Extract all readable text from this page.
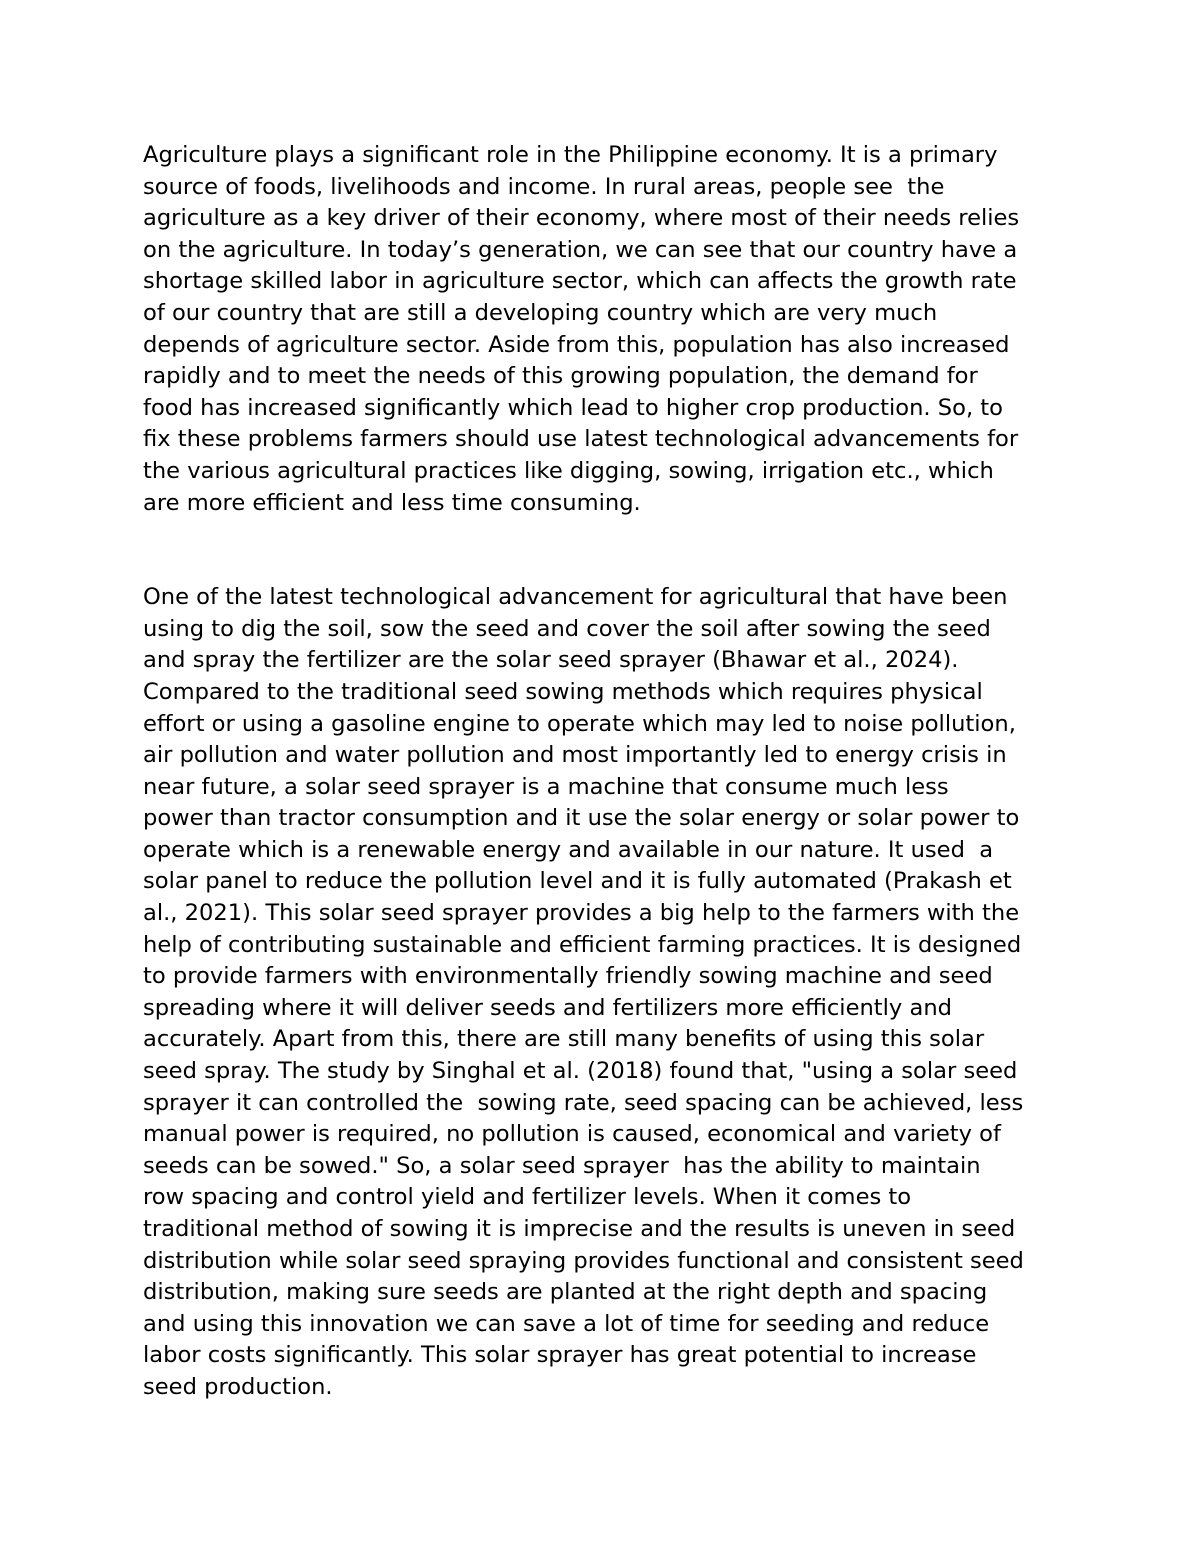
Agriculture plays a significant role in the Philippine economy. It is a primary
source of foods, livelihoods and income. In rural areas, people see  the
agriculture as a key driver of their economy, where most of their needs relies
on the agriculture. In today’s generation, we can see that our country have a
shortage skilled labor in agriculture sector, which can affects the growth rate
of our country that are still a developing country which are very much
depends of agriculture sector. Aside from this, population has also increased
rapidly and to meet the needs of this growing population, the demand for
food has increased significantly which lead to higher crop production. So, to
fix these problems farmers should use latest technological advancements for
the various agricultural practices like digging, sowing, irrigation etc., which
are more efficient and less time consuming.

One of the latest technological advancement for agricultural that have been
using to dig the soil, sow the seed and cover the soil after sowing the seed
and spray the fertilizer are the solar seed sprayer (Bhawar et al., 2024).
Compared to the traditional seed sowing methods which requires physical
effort or using a gasoline engine to operate which may led to noise pollution,
air pollution and water pollution and most importantly led to energy crisis in
near future, a solar seed sprayer is a machine that consume much less
power than tractor consumption and it use the solar energy or solar power to
operate which is a renewable energy and available in our nature. It used  a
solar panel to reduce the pollution level and it is fully automated (Prakash et
al., 2021). This solar seed sprayer provides a big help to the farmers with the
help of contributing sustainable and efficient farming practices. It is designed
to provide farmers with environmentally friendly sowing machine and seed
spreading where it will deliver seeds and fertilizers more efficiently and
accurately. Apart from this, there are still many benefits of using this solar
seed spray. The study by Singhal et al. (2018) found that, "using a solar seed
sprayer it can controlled the  sowing rate, seed spacing can be achieved, less
manual power is required, no pollution is caused, economical and variety of
seeds can be sowed." So, a solar seed sprayer  has the ability to maintain
row spacing and control yield and fertilizer levels. When it comes to
traditional method of sowing it is imprecise and the results is uneven in seed
distribution while solar seed spraying provides functional and consistent seed
distribution, making sure seeds are planted at the right depth and spacing
and using this innovation we can save a lot of time for seeding and reduce
labor costs significantly. This solar sprayer has great potential to increase
seed production.
